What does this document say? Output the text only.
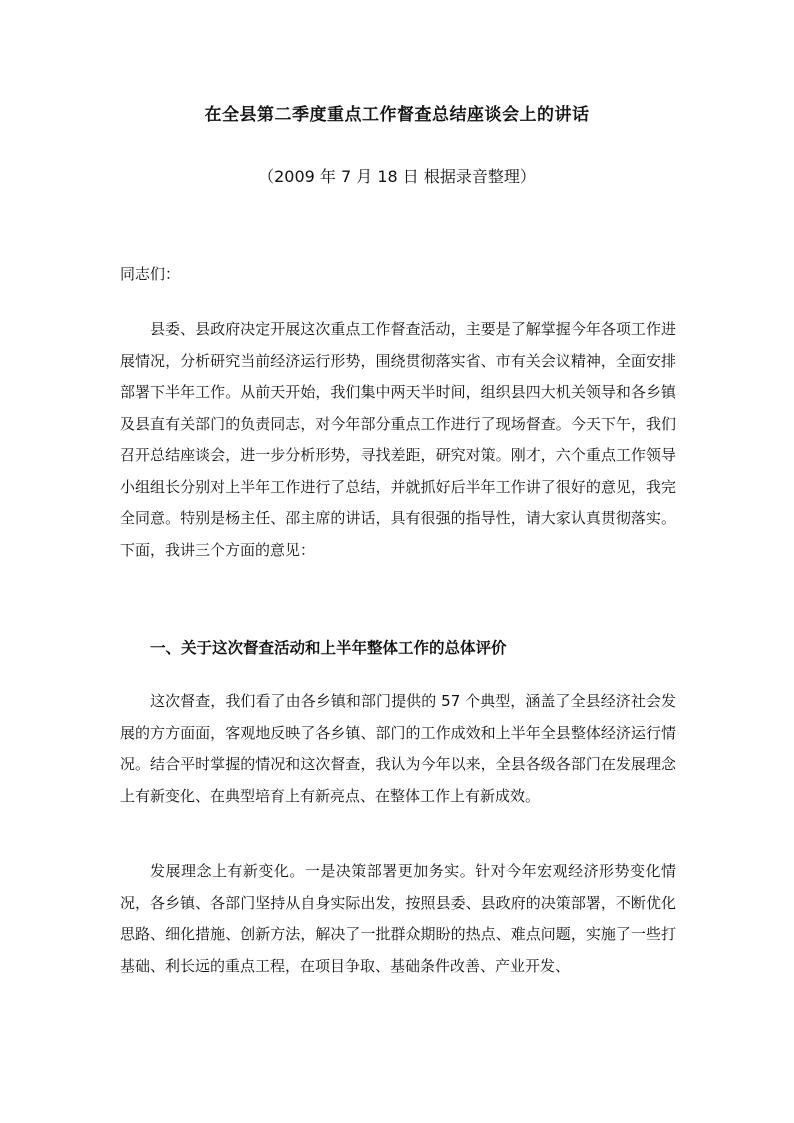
在全县第二季度重点工作督查总结座谈会上的讲话
（2009 年 7 月 18 日 根据录音整理）
同志们：

县委、县政府决定开展这次重点工作督查活动，主要是了解掌握今年各项工作进展情况，分析研究当前经济运行形势，围绕贯彻落实省、市有关会议精神，全面安排部署下半年工作。从前天开始，我们集中两天半时间，组织县四大机关领导和各乡镇及县直有关部门的负责同志，对今年部分重点工作进行了现场督查。今天下午，我们召开总结座谈会，进一步分析形势，寻找差距，研究对策。刚才，六个重点工作领导小组组长分别对上半年工作进行了总结，并就抓好后半年工作讲了很好的意见，我完全同意。特别是杨主任、邵主席的讲话，具有很强的指导性，请大家认真贯彻落实。下面，我讲三个方面的意见：

一、关于这次督查活动和上半年整体工作的总体评价

这次督查，我们看了由各乡镇和部门提供的 57 个典型，涵盖了全县经济社会发展的方方面面，客观地反映了各乡镇、部门的工作成效和上半年全县整体经济运行情况。结合平时掌握的情况和这次督查，我认为今年以来，全县各级各部门在发展理念上有新变化、在典型培育上有新亮点、在整体工作上有新成效。

发展理念上有新变化。一是决策部署更加务实。针对今年宏观经济形势变化情况，各乡镇、各部门坚持从自身实际出发，按照县委、县政府的决策部署，不断优化思路、细化措施、创新方法，解决了一批群众期盼的热点、难点问题，实施了一些打基础、利长远的重点工程，在项目争取、基础条件改善、产业开发、
